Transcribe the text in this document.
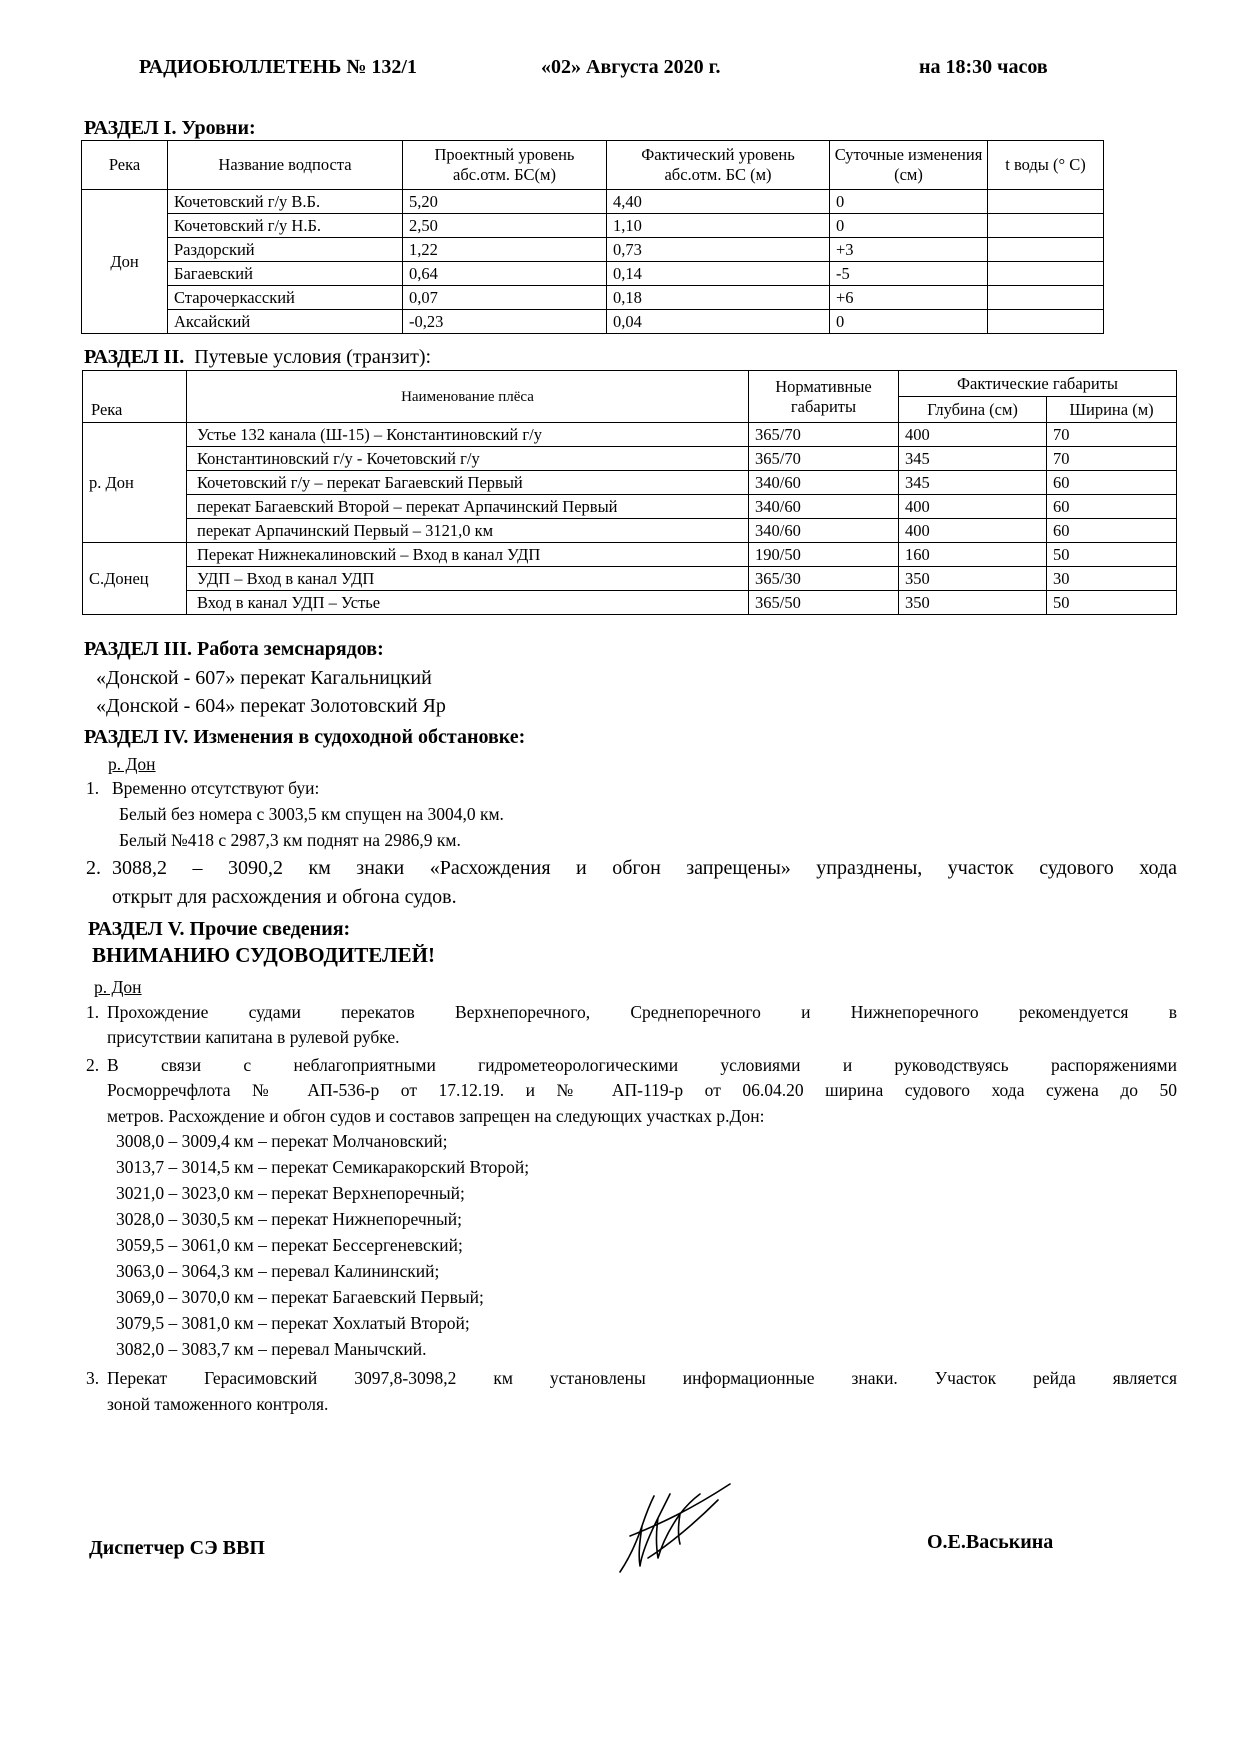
РАДИОБЮЛЛЕТЕНЬ № 132/1	«02» Августа 2020 г.	на 18:30 часов
РАЗДЕЛ I. Уровни:
Река	Название водпоста	Проектный уровень абс.отм. БС(м)	Фактический уровень абс.отм. БС (м)	Суточные изменения (см)	t воды (° C)
Дон	Кочетовский г/у В.Б.	5,20	4,40	0	
	Кочетовский г/у Н.Б.	2,50	1,10	0	
	Раздорский	1,22	0,73	+3	
	Багаевский	0,64	0,14	-5	
	Старочеркасский	0,07	0,18	+6	
	Аксайский	-0,23	0,04	0	
РАЗДЕЛ II. Путевые условия (транзит):
Река	Наименование плёса	Нормативные габариты	Фактические габариты	
			Глубина (см)	Ширина (м)
р. Дон	Устье 132 канала (Ш-15) – Константиновский г/у	365/70	400	70
	Константиновский г/у - Кочетовский г/у	365/70	345	70
	Кочетовский г/у – перекат Багаевский Первый	340/60	345	60
	перекат Багаевский Второй – перекат Арпачинский Первый	340/60	400	60
	перекат Арпачинский Первый – 3121,0 км	340/60	400	60
С.Донец	Перекат Нижнекалиновский – Вход в канал УДП	190/50	160	50
	УДП – Вход в канал УДП	365/30	350	30
	Вход в канал УДП – Устье	365/50	350	50
РАЗДЕЛ III. Работа земснарядов:
«Донской - 607» перекат Кагальницкий
«Донской - 604» перекат Золотовский Яр
РАЗДЕЛ IV. Изменения в судоходной обстановке:
р. Дон
1. Временно отсутствуют буи:
Белый без номера с 3003,5 км спущен на 3004,0 км.
Белый №418 с 2987,3 км поднят на 2986,9 км.
2. 3088,2 – 3090,2 км знаки «Расхождения и обгон запрещены» упразднены, участок судового хода
открыт для расхождения и обгона судов.
РАЗДЕЛ V. Прочие сведения:
ВНИМАНИЮ СУДОВОДИТЕЛЕЙ!
р. Дон
1. Прохождение судами перекатов Верхнепоречного, Среднепоречного и Нижнепоречного рекомендуется в
присутствии капитана в рулевой рубке.
2. В связи с неблагоприятными гидрометеорологическими условиями и руководствуясь распоряжениями
Росморречфлота № АП-536-р от 17.12.19. и № АП-119-р от 06.04.20 ширина судового хода сужена до 50
метров. Расхождение и обгон судов и составов запрещен на следующих участках р.Дон:
3008,0 – 3009,4 км – перекат Молчановский;
3013,7 – 3014,5 км – перекат Семикаракорский Второй;
3021,0 – 3023,0 км – перекат Верхнепоречный;
3028,0 – 3030,5 км – перекат Нижнепоречный;
3059,5 – 3061,0 км – перекат Бессергеневский;
3063,0 – 3064,3 км – перевал Калининский;
3069,0 – 3070,0 км – перекат Багаевский Первый;
3079,5 – 3081,0 км – перекат Хохлатый Второй;
3082,0 – 3083,7 км – перевал Манычский.
3. Перекат Герасимовский 3097,8-3098,2 км установлены информационные знаки. Участок рейда является
зоной таможенного контроля.
Диспетчер СЭ ВВП	О.Е.Васькина
